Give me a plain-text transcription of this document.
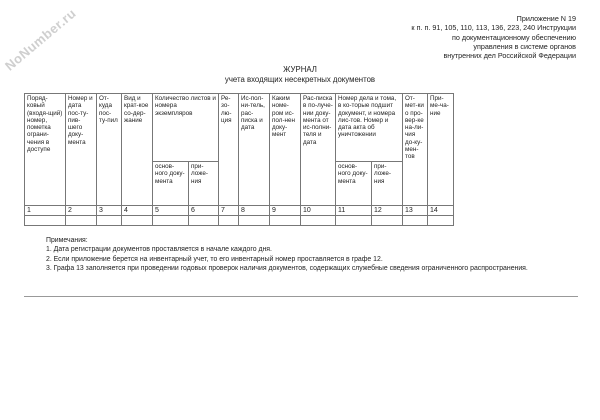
NoNumber.ru	Приложение N 19
к п. п. 91, 105, 110, 113, 136, 223, 240 Инструкции
по документационному обеспечению
управления в системе органов
внутренних дел Российской Федерации
ЖУРНАЛ
учета входящих несекретных документов
Поряд-ковый (входя-щий) номер, пометка ограни-чения в доступе	Номер и дата пос-ту-пив-шего доку-мента	От-куда пос-ту-пил	Вид и крат-кое со-дер-жание	Количество листов и номера экземпляров		Ре-зо-лю-ция	Ис-пол-ни-тель, рас-писка и дата	Каким номе-ром ис-пол-нен доку-мент	Рас-писка в по-луче-нии доку-мента от ис-полни-теля и дата	Номер дела и тома, в ко-торые подшит документ, и номера лис-тов. Номер и дата акта об уничтожении		От-мет-ки о про-вер-ке на-ли-чия до-ку-мен-тов	При-ме-ча-ние
				основ-ного доку-мента	при-ложе-ния					основ-ного доку-мента	при-ложе-ния		
1	2	3	4	5	6	7	8	9	10	11	12	13	14

Примечания:
1. Дата регистрации документов проставляется в начале каждого дня.
2. Если приложение берется на инвентарный учет, то его инвентарный номер проставляется в графе 12.
3. Графа 13 заполняется при проведении годовых проверок наличия документов, содержащих служебные сведения ограниченного распространения.
